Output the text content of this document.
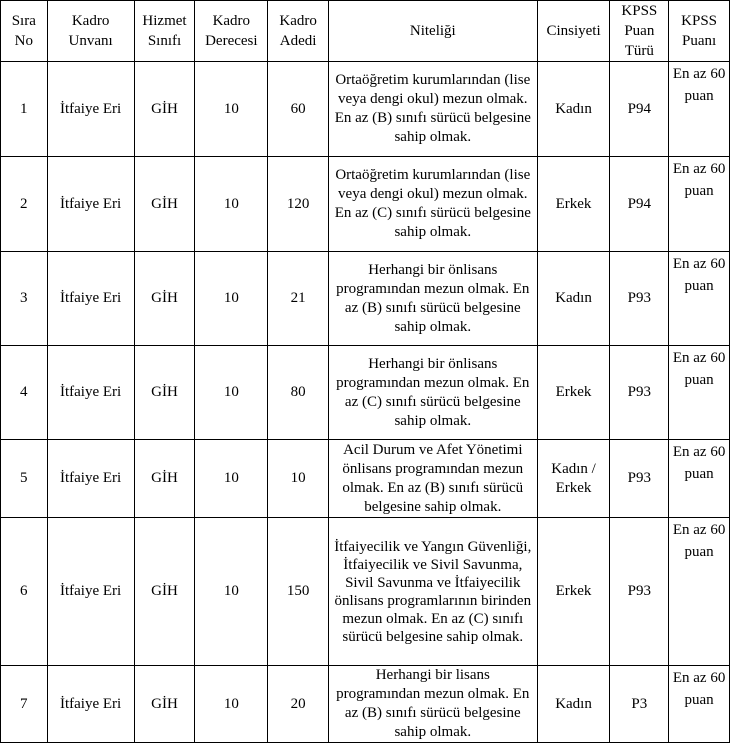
Sıra No	Kadro Unvanı	Hizmet Sınıfı	Kadro Derecesi	Kadro Adedi	Niteliği	Cinsiyeti	KPSS Puan Türü	KPSS Puanı
1	İtfaiye Eri	GİH	10	60	Ortaöğretim kurumlarından (lise veya dengi okul) mezun olmak. En az (B) sınıfı sürücü belgesine sahip olmak.	Kadın	P94	En az 60 puan
2	İtfaiye Eri	GİH	10	120	Ortaöğretim kurumlarından (lise veya dengi okul) mezun olmak. En az (C) sınıfı sürücü belgesine sahip olmak.	Erkek	P94	En az 60 puan
3	İtfaiye Eri	GİH	10	21	Herhangi bir önlisans programından mezun olmak. En az (B) sınıfı sürücü belgesine sahip olmak.	Kadın	P93	En az 60 puan
4	İtfaiye Eri	GİH	10	80	Herhangi bir önlisans programından mezun olmak. En az (C) sınıfı sürücü belgesine sahip olmak.	Erkek	P93	En az 60 puan
5	İtfaiye Eri	GİH	10	10	Acil Durum ve Afet Yönetimi önlisans programından mezun olmak. En az (B) sınıfı sürücü belgesine sahip olmak.	Kadın / Erkek	P93	En az 60 puan
6	İtfaiye Eri	GİH	10	150	İtfaiyecilik ve Yangın Güvenliği, İtfaiyecilik ve Sivil Savunma, Sivil Savunma ve İtfaiyecilik önlisans programlarının birinden mezun olmak. En az (C) sınıfı sürücü belgesine sahip olmak.	Erkek	P93	En az 60 puan
7	İtfaiye Eri	GİH	10	20	Herhangi bir lisans programından mezun olmak. En az (B) sınıfı sürücü belgesine sahip olmak.	Kadın	P3	En az 60 puan
